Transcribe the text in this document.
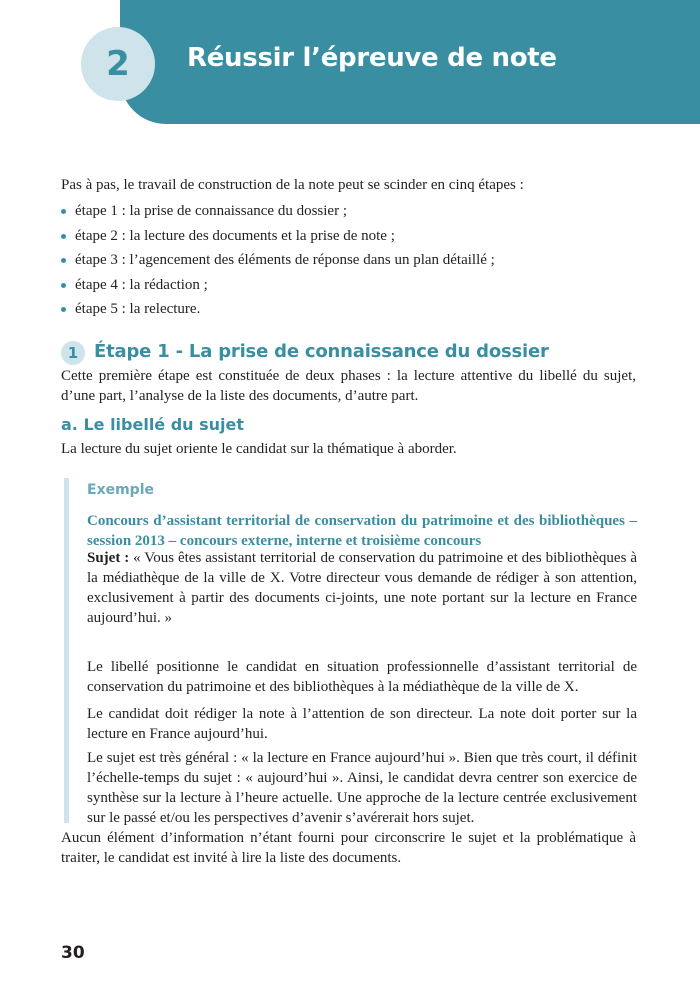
2	Réussir l’épreuve de note
Pas à pas, le travail de construction de la note peut se scinder en cinq étapes :
étape 1 : la prise de connaissance du dossier ;
étape 2 : la lecture des documents et la prise de note ;
étape 3 : l’agencement des éléments de réponse dans un plan détaillé ;
étape 4 : la rédaction ;
étape 5 : la relecture.
1 Étape 1 - La prise de connaissance du dossier
Cette première étape est constituée de deux phases : la lecture attentive du libellé du sujet, d’une part, l’analyse de la liste des documents, d’autre part.
a. Le libellé du sujet
La lecture du sujet oriente le candidat sur la thématique à aborder.
Exemple
Concours d’assistant territorial de conservation du patrimoine et des bibliothèques – session 2013 – concours externe, interne et troisième concours
Sujet : « Vous êtes assistant territorial de conservation du patrimoine et des bibliothèques à la médiathèque de la ville de X. Votre directeur vous demande de rédiger à son attention, exclusivement à partir des documents ci-joints, une note portant sur la lecture en France aujourd’hui. »
Le libellé positionne le candidat en situation professionnelle d’assistant territorial de conservation du patrimoine et des bibliothèques à la médiathèque de la ville de X.
Le candidat doit rédiger la note à l’attention de son directeur. La note doit porter sur la lecture en France aujourd’hui.
Le sujet est très général : « la lecture en France aujourd’hui ». Bien que très court, il définit l’échelle-temps du sujet : « aujourd’hui ». Ainsi, le candidat devra centrer son exercice de synthèse sur la lecture à l’heure actuelle. Une approche de la lecture centrée exclusivement sur le passé et/ou les perspectives d’avenir s’avérerait hors sujet.
Aucun élément d’information n’étant fourni pour circonscrire le sujet et la problématique à traiter, le candidat est invité à lire la liste des documents.
30
